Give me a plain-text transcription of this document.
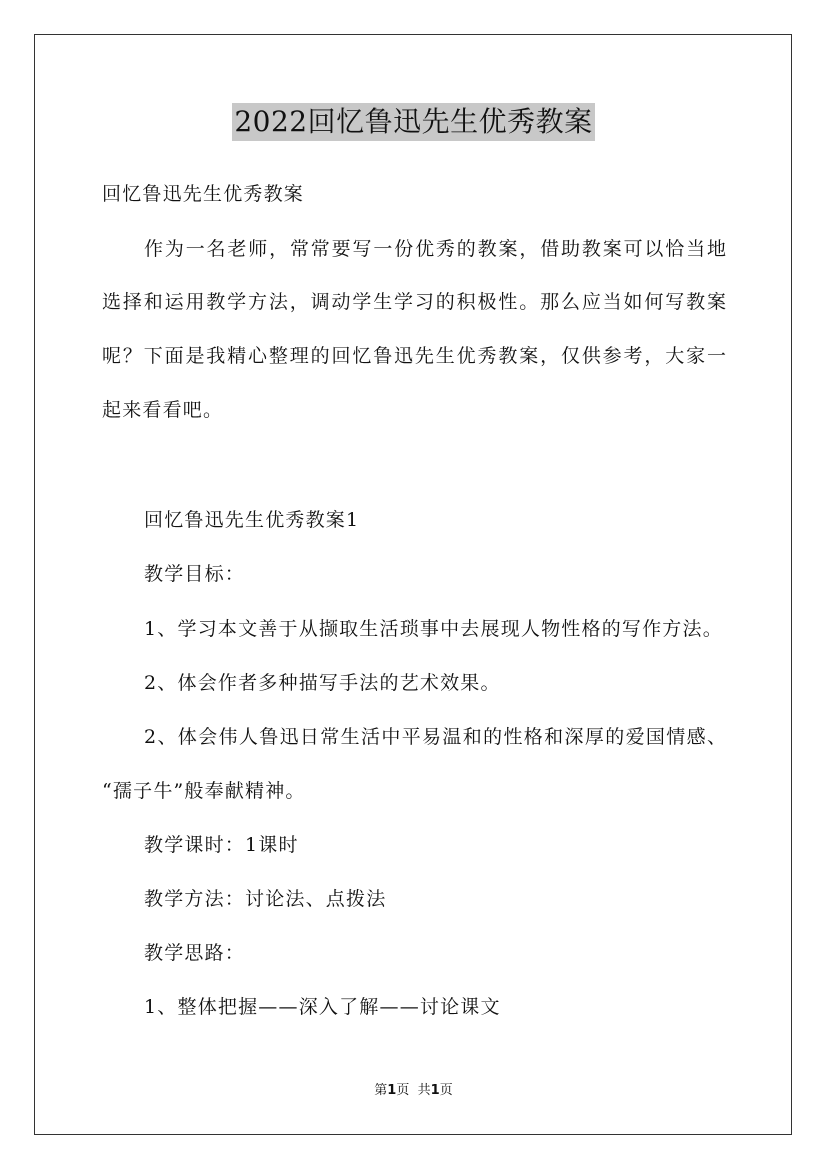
2022回忆鲁迅先生优秀教案
回忆鲁迅先生优秀教案
作为一名老师，常常要写一份优秀的教案，借助教案可以恰当地
选择和运用教学方法，调动学生学习的积极性。那么应当如何写教案
呢？下面是我精心整理的回忆鲁迅先生优秀教案，仅供参考，大家一
起来看看吧。
回忆鲁迅先生优秀教案1
教学目标：
1、学习本文善于从撷取生活琐事中去展现人物性格的写作方法。
2、体会作者多种描写手法的艺术效果。
2、体会伟人鲁迅日常生活中平易温和的性格和深厚的爱国情感、
“孺子牛”般奉献精神。
教学课时：1课时
教学方法：讨论法、点拨法
教学思路：
1、整体把握——深入了解——讨论课文
第1页 共1页
